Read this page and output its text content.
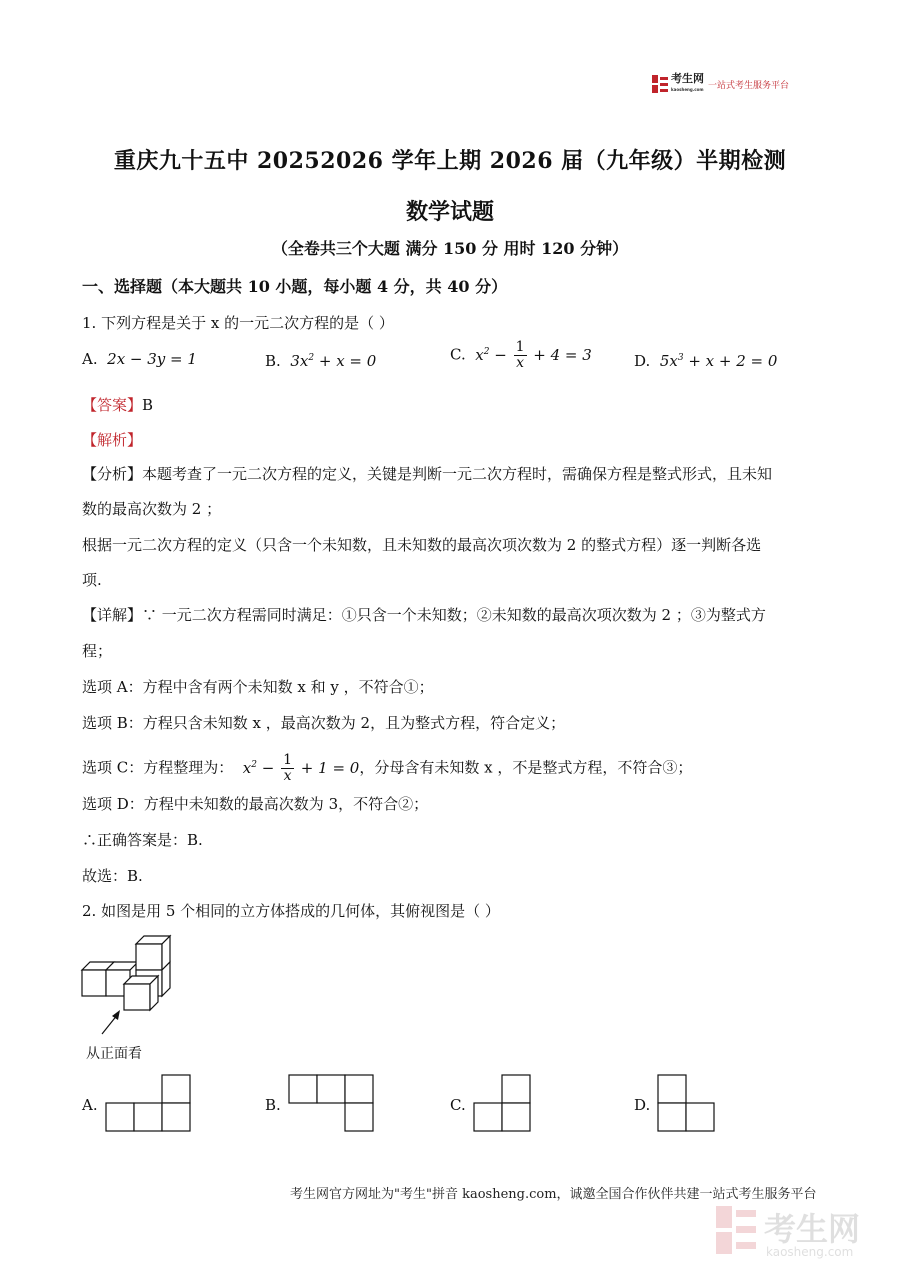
考生网
kaosheng.com 一站式考生服务平台
重庆九十五中 20252026 学年上期 2026 届（九年级）半期检测
数学试题
（全卷共三个大题 满分 150 分 用时 120 分钟）
一、选择题（本大题共 10 小题，每小题 4 分，共 40 分）
1. 下列方程是关于 x 的一元二次方程的是（ ）
A.  2x − 3y = 1	B.  $3x^2 + x = 0$	C.  $x^2 - \frac{1}{x} + 4 = 3$	D.  $5x^3 + x + 2 = 0$
【答案】B
【解析】
【分析】本题考查了一元二次方程的定义，关键是判断一元二次方程时，需确保方程是整式形式，且未知
数的最高次数为 2 ；
根据一元二次方程的定义（只含一个未知数，且未知数的最高次项次数为 2 的整式方程）逐一判断各选
项.
【详解】∵ 一元二次方程需同时满足：①只含一个未知数；②未知数的最高次项次数为 2 ；③为整式方
程；
选项 A：方程中含有两个未知数 x 和 y ，不符合①；
选项 B：方程只含未知数 x ，最高次数为 2，且为整式方程，符合定义；
选项 C：方程整理为：  $x^2 - \frac{1}{x} + 1 = 0$，分母含有未知数 x ，不是整式方程，不符合③；
选项 D：方程中未知数的最高次数为 3，不符合②；
∴正确答案是：B.
故选：B.
2. 如图是用 5 个相同的立方体搭成的几何体，其俯视图是（ ）
从正面看
A.	B.	C.	D.
考生网官方网址为"考生"拼音 kaosheng.com，诚邀全国合作伙伴共建一站式考生服务平台
考生网
kaosheng.com
